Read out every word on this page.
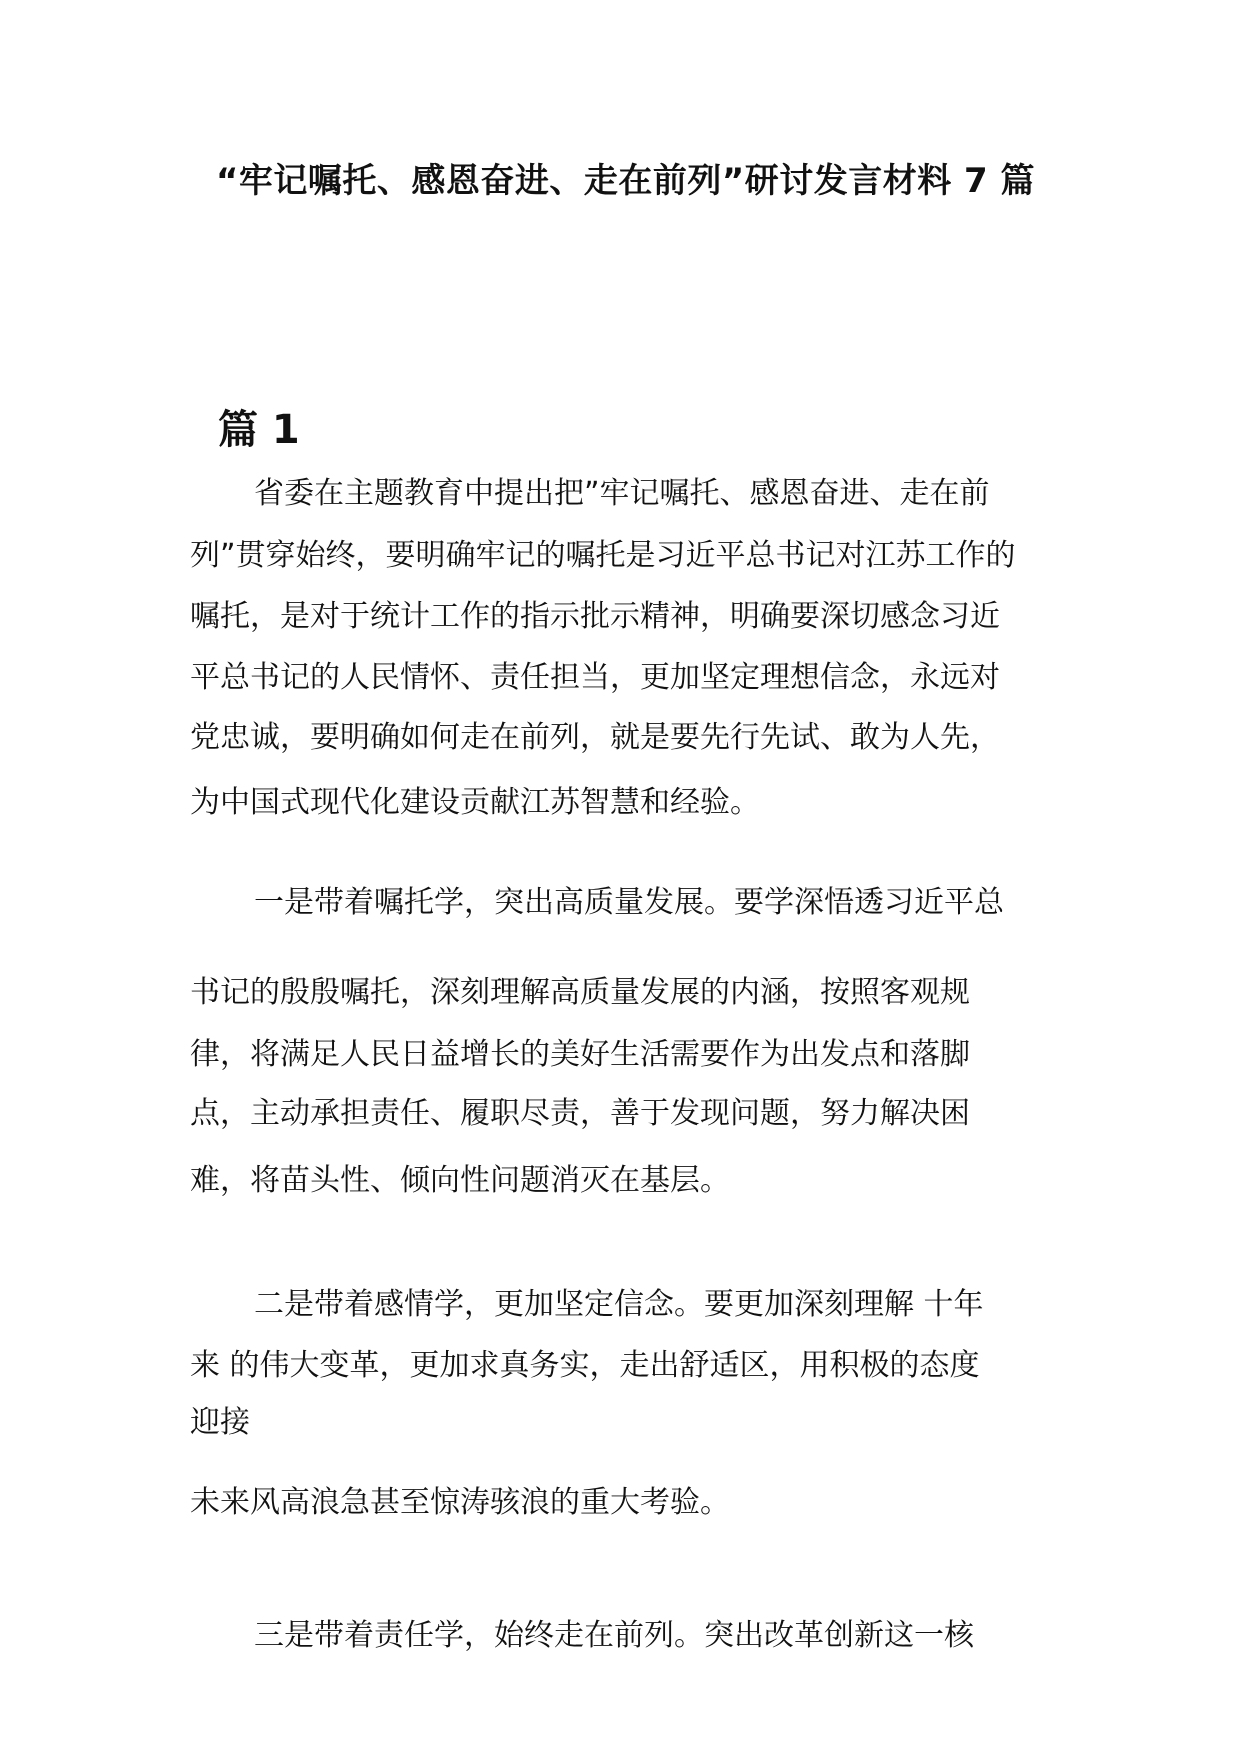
“牢记嘱托、感恩奋进、走在前列”研讨发言材料 7 篇
篇 1
省委在主题教育中提出把”牢记嘱托、感恩奋进、走在前
列”贯穿始终，要明确牢记的嘱托是习近平总书记对江苏工作的
嘱托，是对于统计工作的指示批示精神，明确要深切感念习近
平总书记的人民情怀、责任担当，更加坚定理想信念，永远对
党忠诚，要明确如何走在前列，就是要先行先试、敢为人先，
为中国式现代化建设贡献江苏智慧和经验。
一是带着嘱托学，突出高质量发展。要学深悟透习近平总
书记的殷殷嘱托，深刻理解高质量发展的内涵，按照客观规
律，将满足人民日益增长的美好生活需要作为出发点和落脚
点，主动承担责任、履职尽责，善于发现问题，努力解决困
难，将苗头性、倾向性问题消灭在基层。
二是带着感情学，更加坚定信念。要更加深刻理解 十年
来 的伟大变革，更加求真务实，走出舒适区，用积极的态度
迎接
未来风高浪急甚至惊涛骇浪的重大考验。
三是带着责任学，始终走在前列。突出改革创新这一核
